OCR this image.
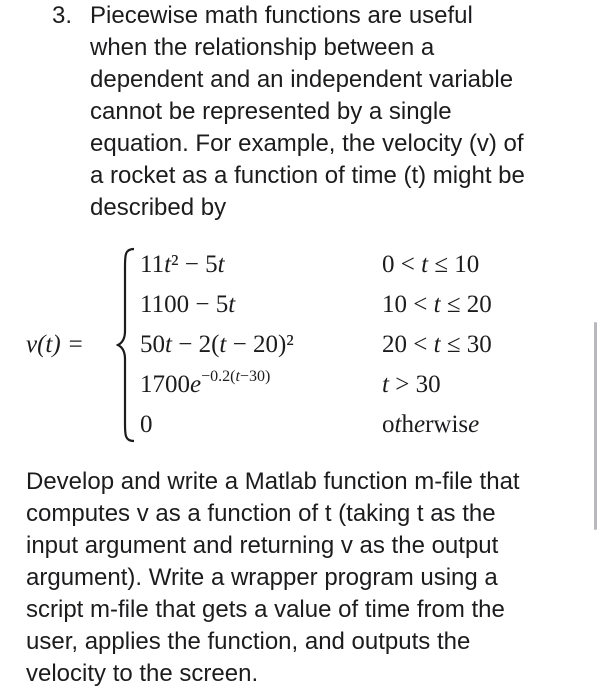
3. Piecewise math functions are useful
when the relationship between a
dependent and an independent variable
cannot be represented by a single
equation. For example, the velocity (v) of
a rocket as a function of time (t) might be
described by
v(t) =
11t² − 5t
1100 − 5t
50t − 2(t − 20)²
$1700e^{-0.2(t-30)}$
0
0 < t ≤ 10
10 < t ≤ 20
20 < t ≤ 30
t > 30
otherwise
Develop and write a Matlab function m-file that
computes v as a function of t (taking t as the
input argument and returning v as the output
argument). Write a wrapper program using a
script m-file that gets a value of time from the
user, applies the function, and outputs the
velocity to the screen.
